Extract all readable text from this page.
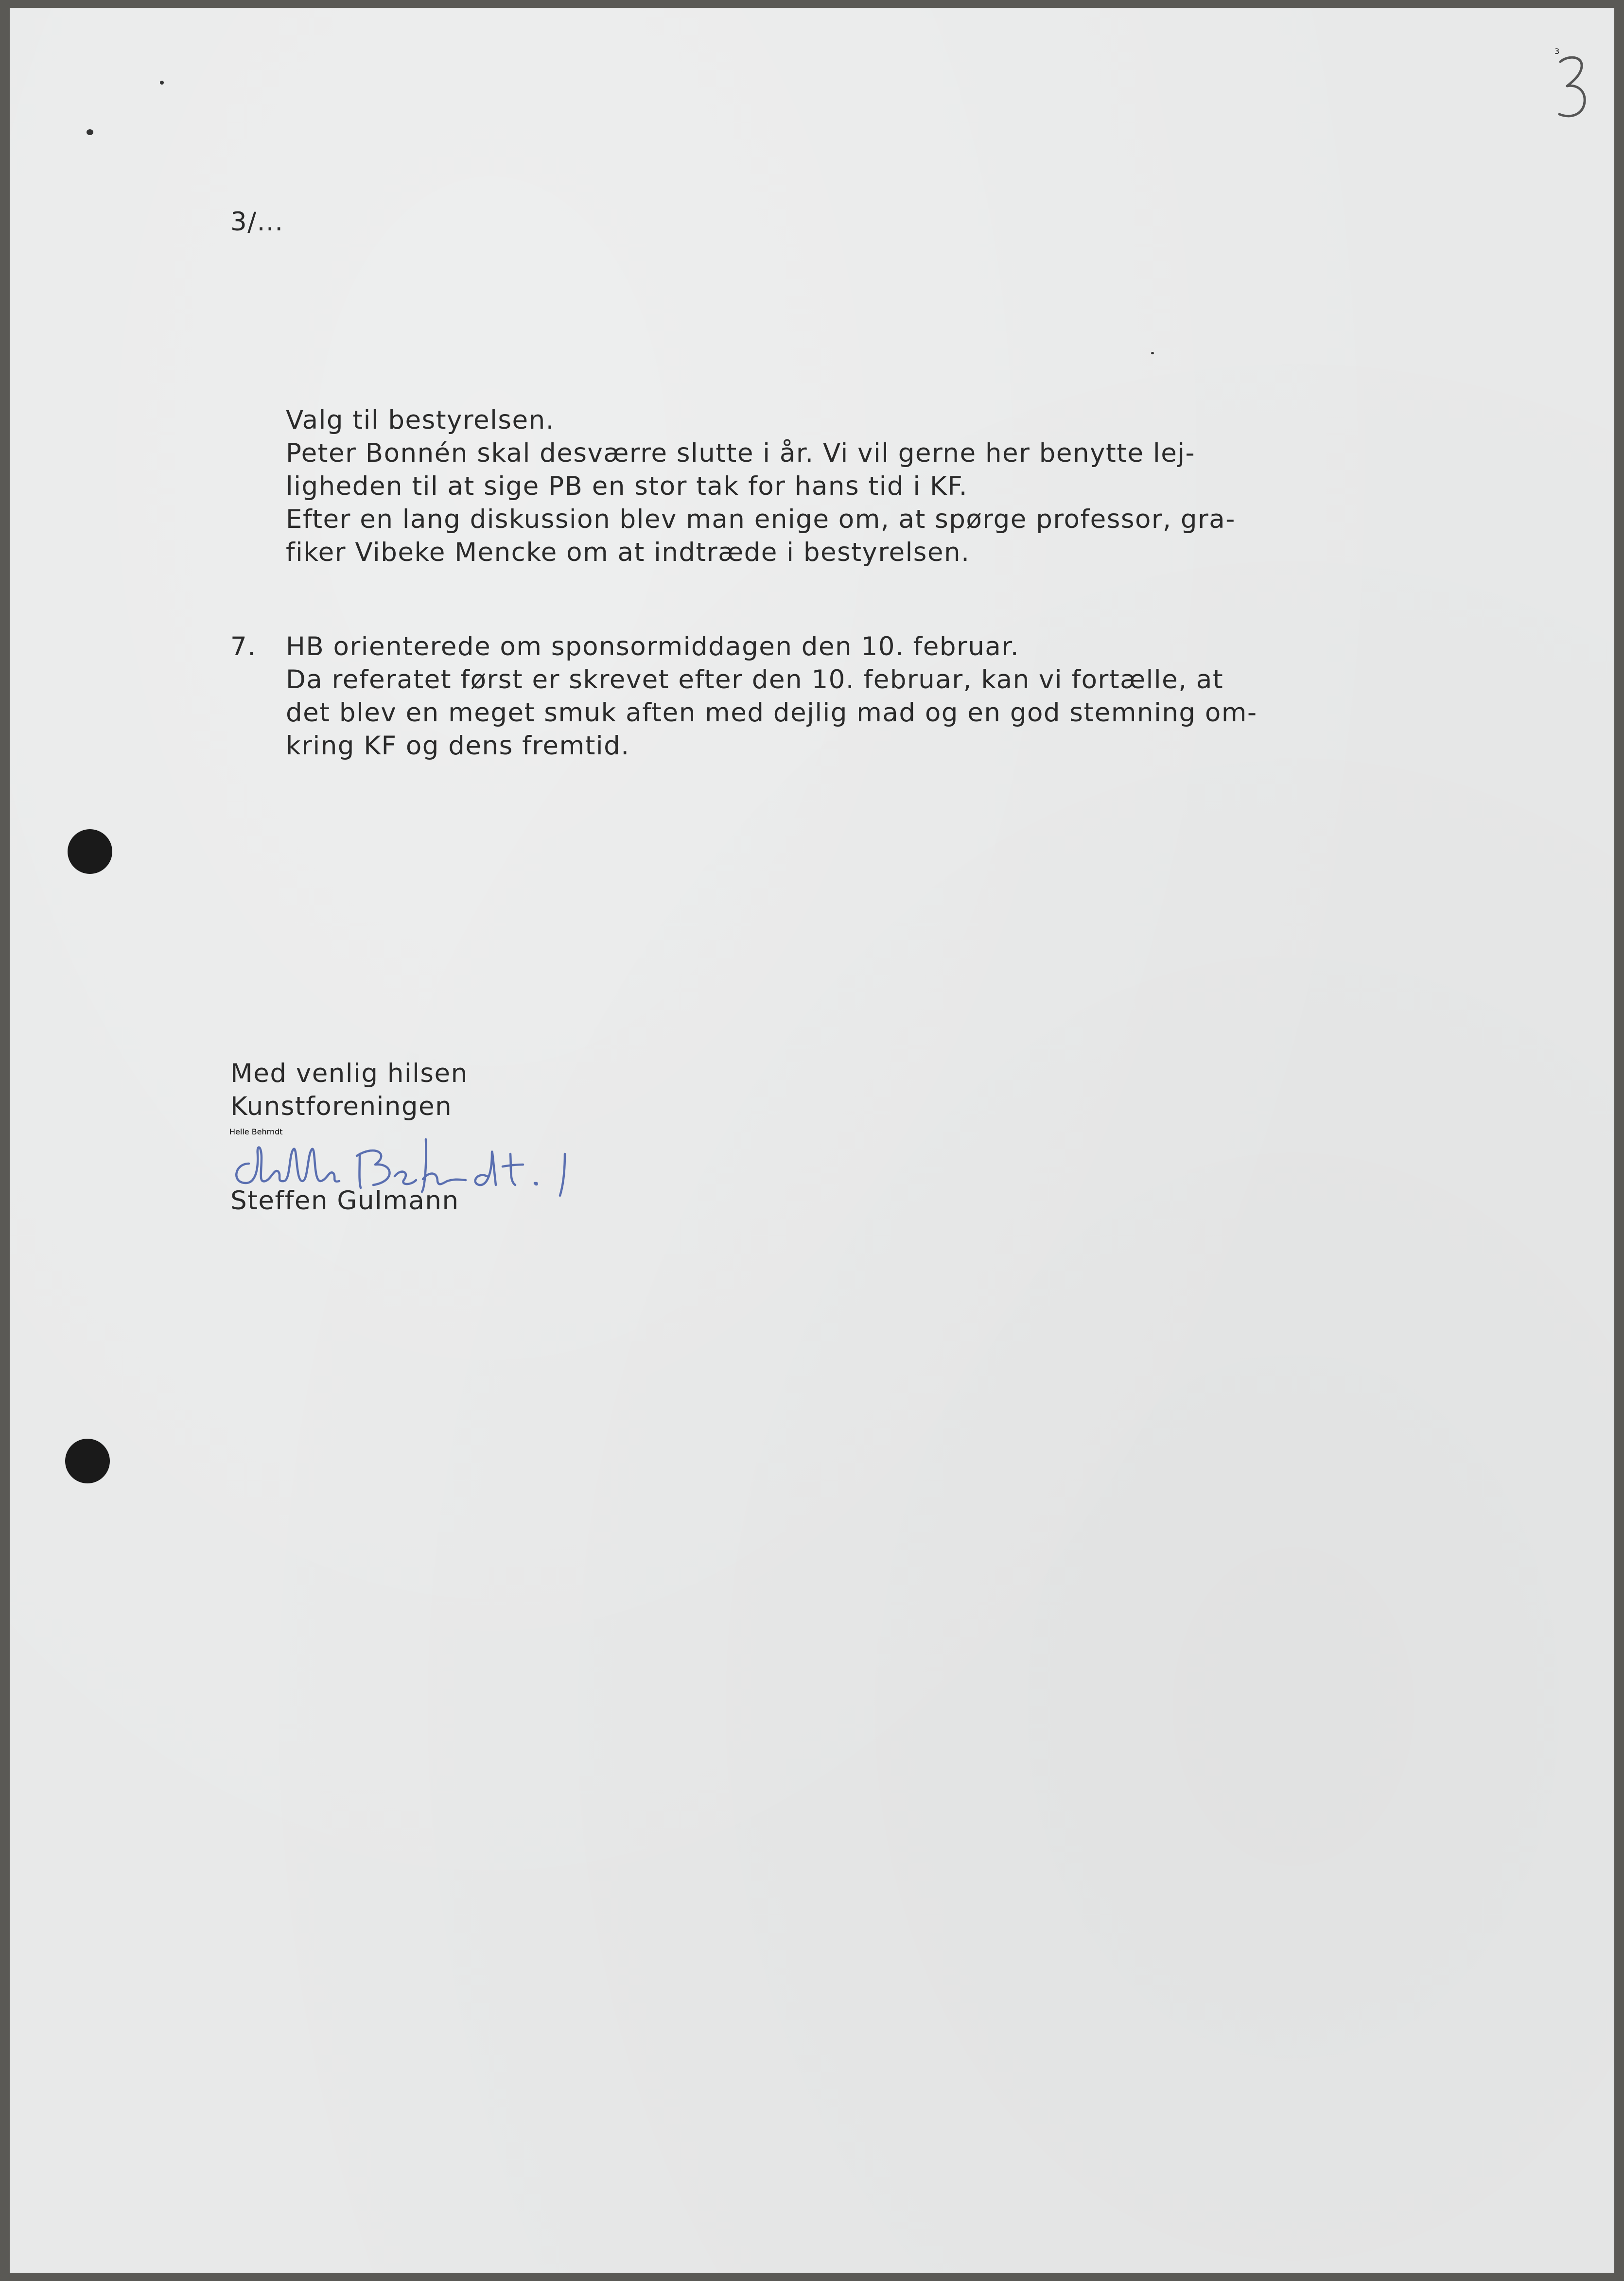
3
3/...
Valg til bestyrelsen.
Peter Bonnén skal desværre slutte i år. Vi vil gerne her benytte lej-
ligheden til at sige PB en stor tak for hans tid i KF.
Efter en lang diskussion blev man enige om, at spørge professor, gra-
fiker Vibeke Mencke om at indtræde i bestyrelsen.
7. HB orienterede om sponsormiddagen den 10. februar.
Da referatet først er skrevet efter den 10. februar, kan vi fortælle, at
det blev en meget smuk aften med dejlig mad og en god stemning om-
kring KF og dens fremtid.
Med venlig hilsen
Kunstforeningen
Helle Behrndt
Steffen Gulmann
